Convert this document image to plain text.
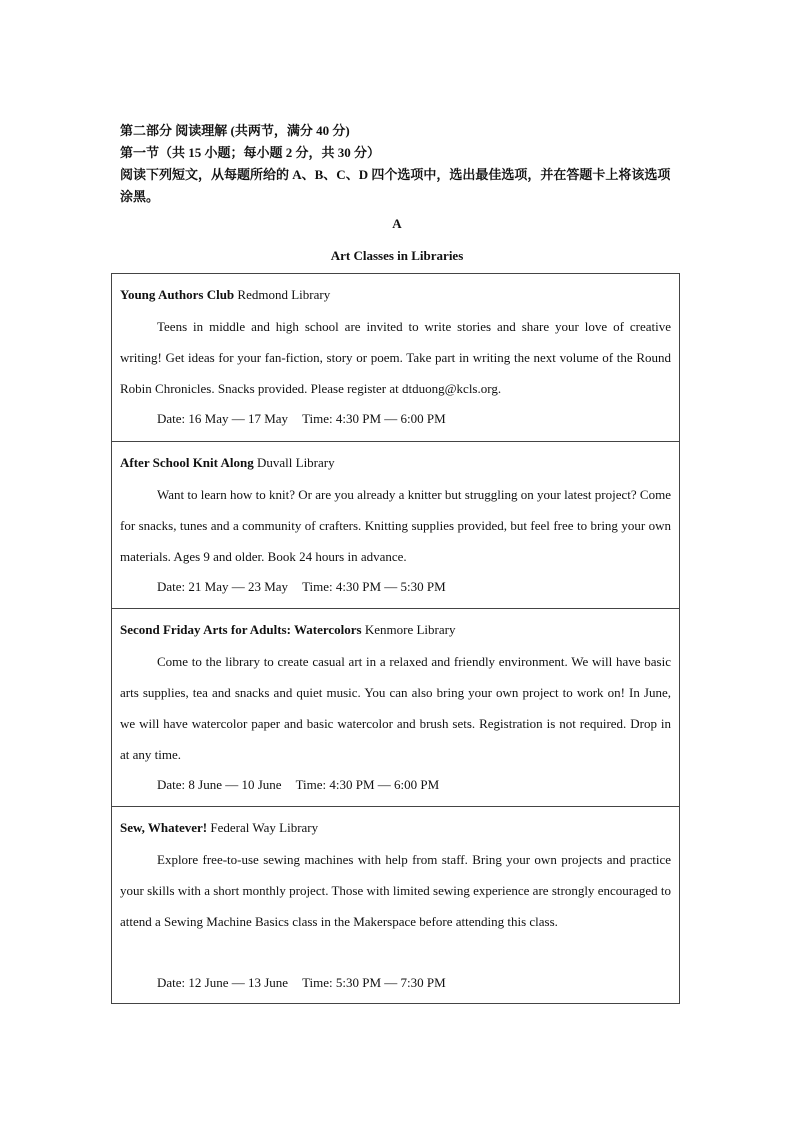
第二部分 阅读理解 (共两节，满分 40 分)
第一节（共 15 小题；每小题 2 分，共 30 分）
阅读下列短文，从每题所给的 A、B、C、D 四个选项中，选出最佳选项，并在答题卡上将该选项涂黑。
A
Art Classes in Libraries
Young Authors Club Redmond Library
Teens in middle and high school are invited to write stories and share your love of creative writing! Get ideas for your fan-fiction, story or poem. Take part in writing the next volume of the Round Robin Chronicles. Snacks provided. Please register at dtduong@kcls.org.
Date: 16 May — 17 May Time: 4:30 PM — 6:00 PM
After School Knit Along Duvall Library
Want to learn how to knit? Or are you already a knitter but struggling on your latest project? Come for snacks, tunes and a community of crafters. Knitting supplies provided, but feel free to bring your own materials. Ages 9 and older. Book 24 hours in advance.
Date: 21 May — 23 May Time: 4:30 PM — 5:30 PM
Second Friday Arts for Adults: Watercolors Kenmore Library
Come to the library to create casual art in a relaxed and friendly environment. We will have basic arts supplies, tea and snacks and quiet music. You can also bring your own project to work on! In June, we will have watercolor paper and basic watercolor and brush sets. Registration is not required. Drop in at any time.
Date: 8 June — 10 June Time: 4:30 PM — 6:00 PM
Sew, Whatever! Federal Way Library
Explore free-to-use sewing machines with help from staff. Bring your own projects and practice your skills with a short monthly project. Those with limited sewing experience are strongly encouraged to attend a Sewing Machine Basics class in the Makerspace before attending this class.
Date: 12 June — 13 June Time: 5:30 PM — 7:30 PM
